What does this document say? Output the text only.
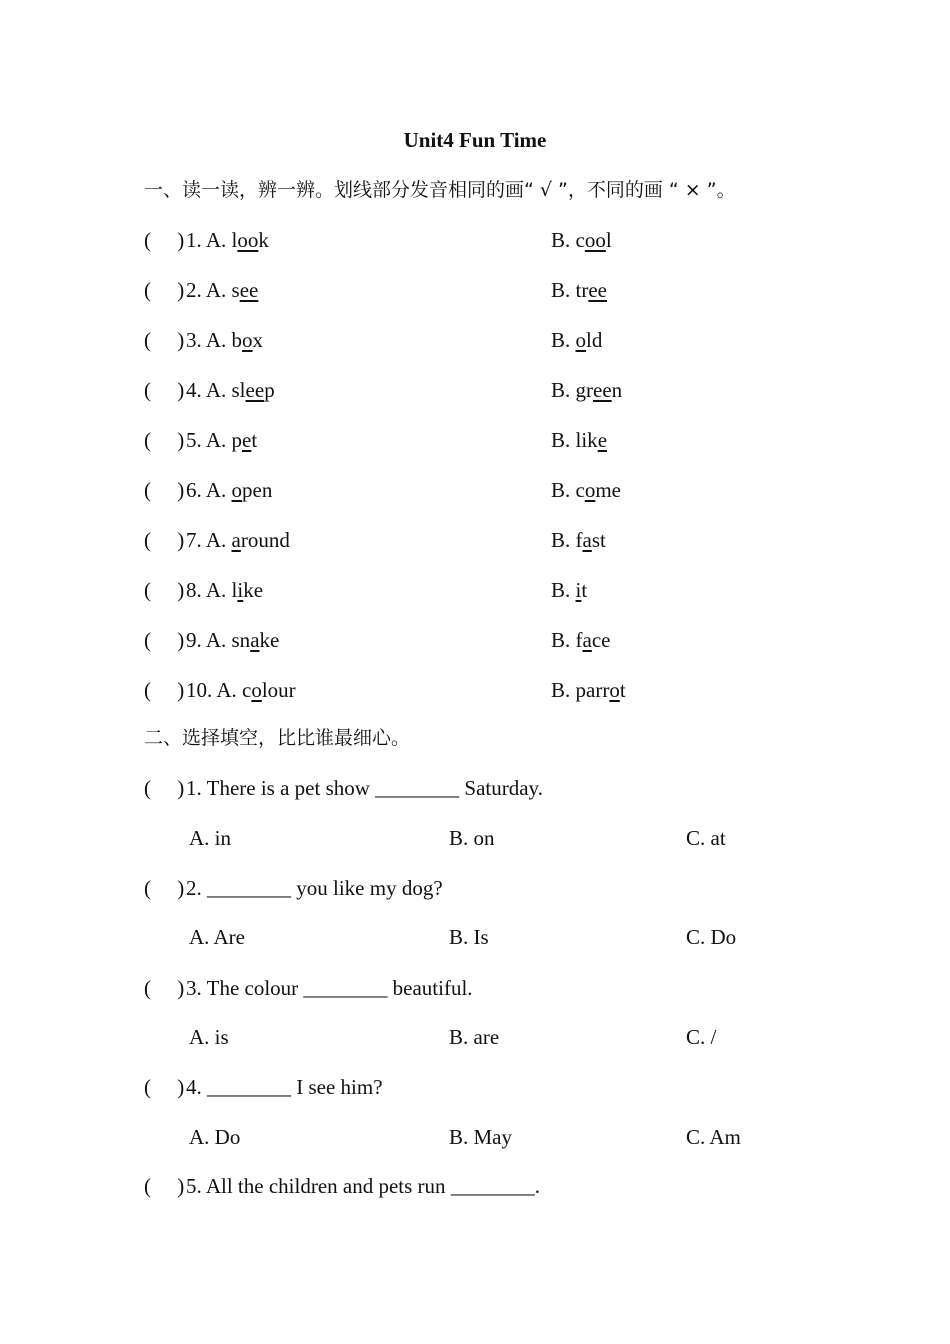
Unit4 Fun Time
一、读一读，辨一辨。划线部分发音相同的画“ √ ”，不同的画 “ × ”。
(     ) 1. A. look	B. cool
(     ) 2. A. see	B. tree
(     ) 3. A. box	B. old
(     ) 4. A. sleep	B. green
(     ) 5. A. pet	B. like
(     ) 6. A. open	B. come
(     ) 7. A. around	B. fast
(     ) 8. A. like	B. it
(     ) 9. A. snake	B. face
(     ) 10. A. colour	B. parrot
二、选择填空，比比谁最细心。
(     ) 1. There is a pet show ________ Saturday.
A. in	B. on	C. at
(     ) 2. ________ you like my dog?
A. Are	B. Is	C. Do
(     ) 3. The colour ________ beautiful.
A. is	B. are	C. /
(     ) 4. ________ I see him?
A. Do	B. May	C. Am
(     ) 5. All the children and pets run ________.
